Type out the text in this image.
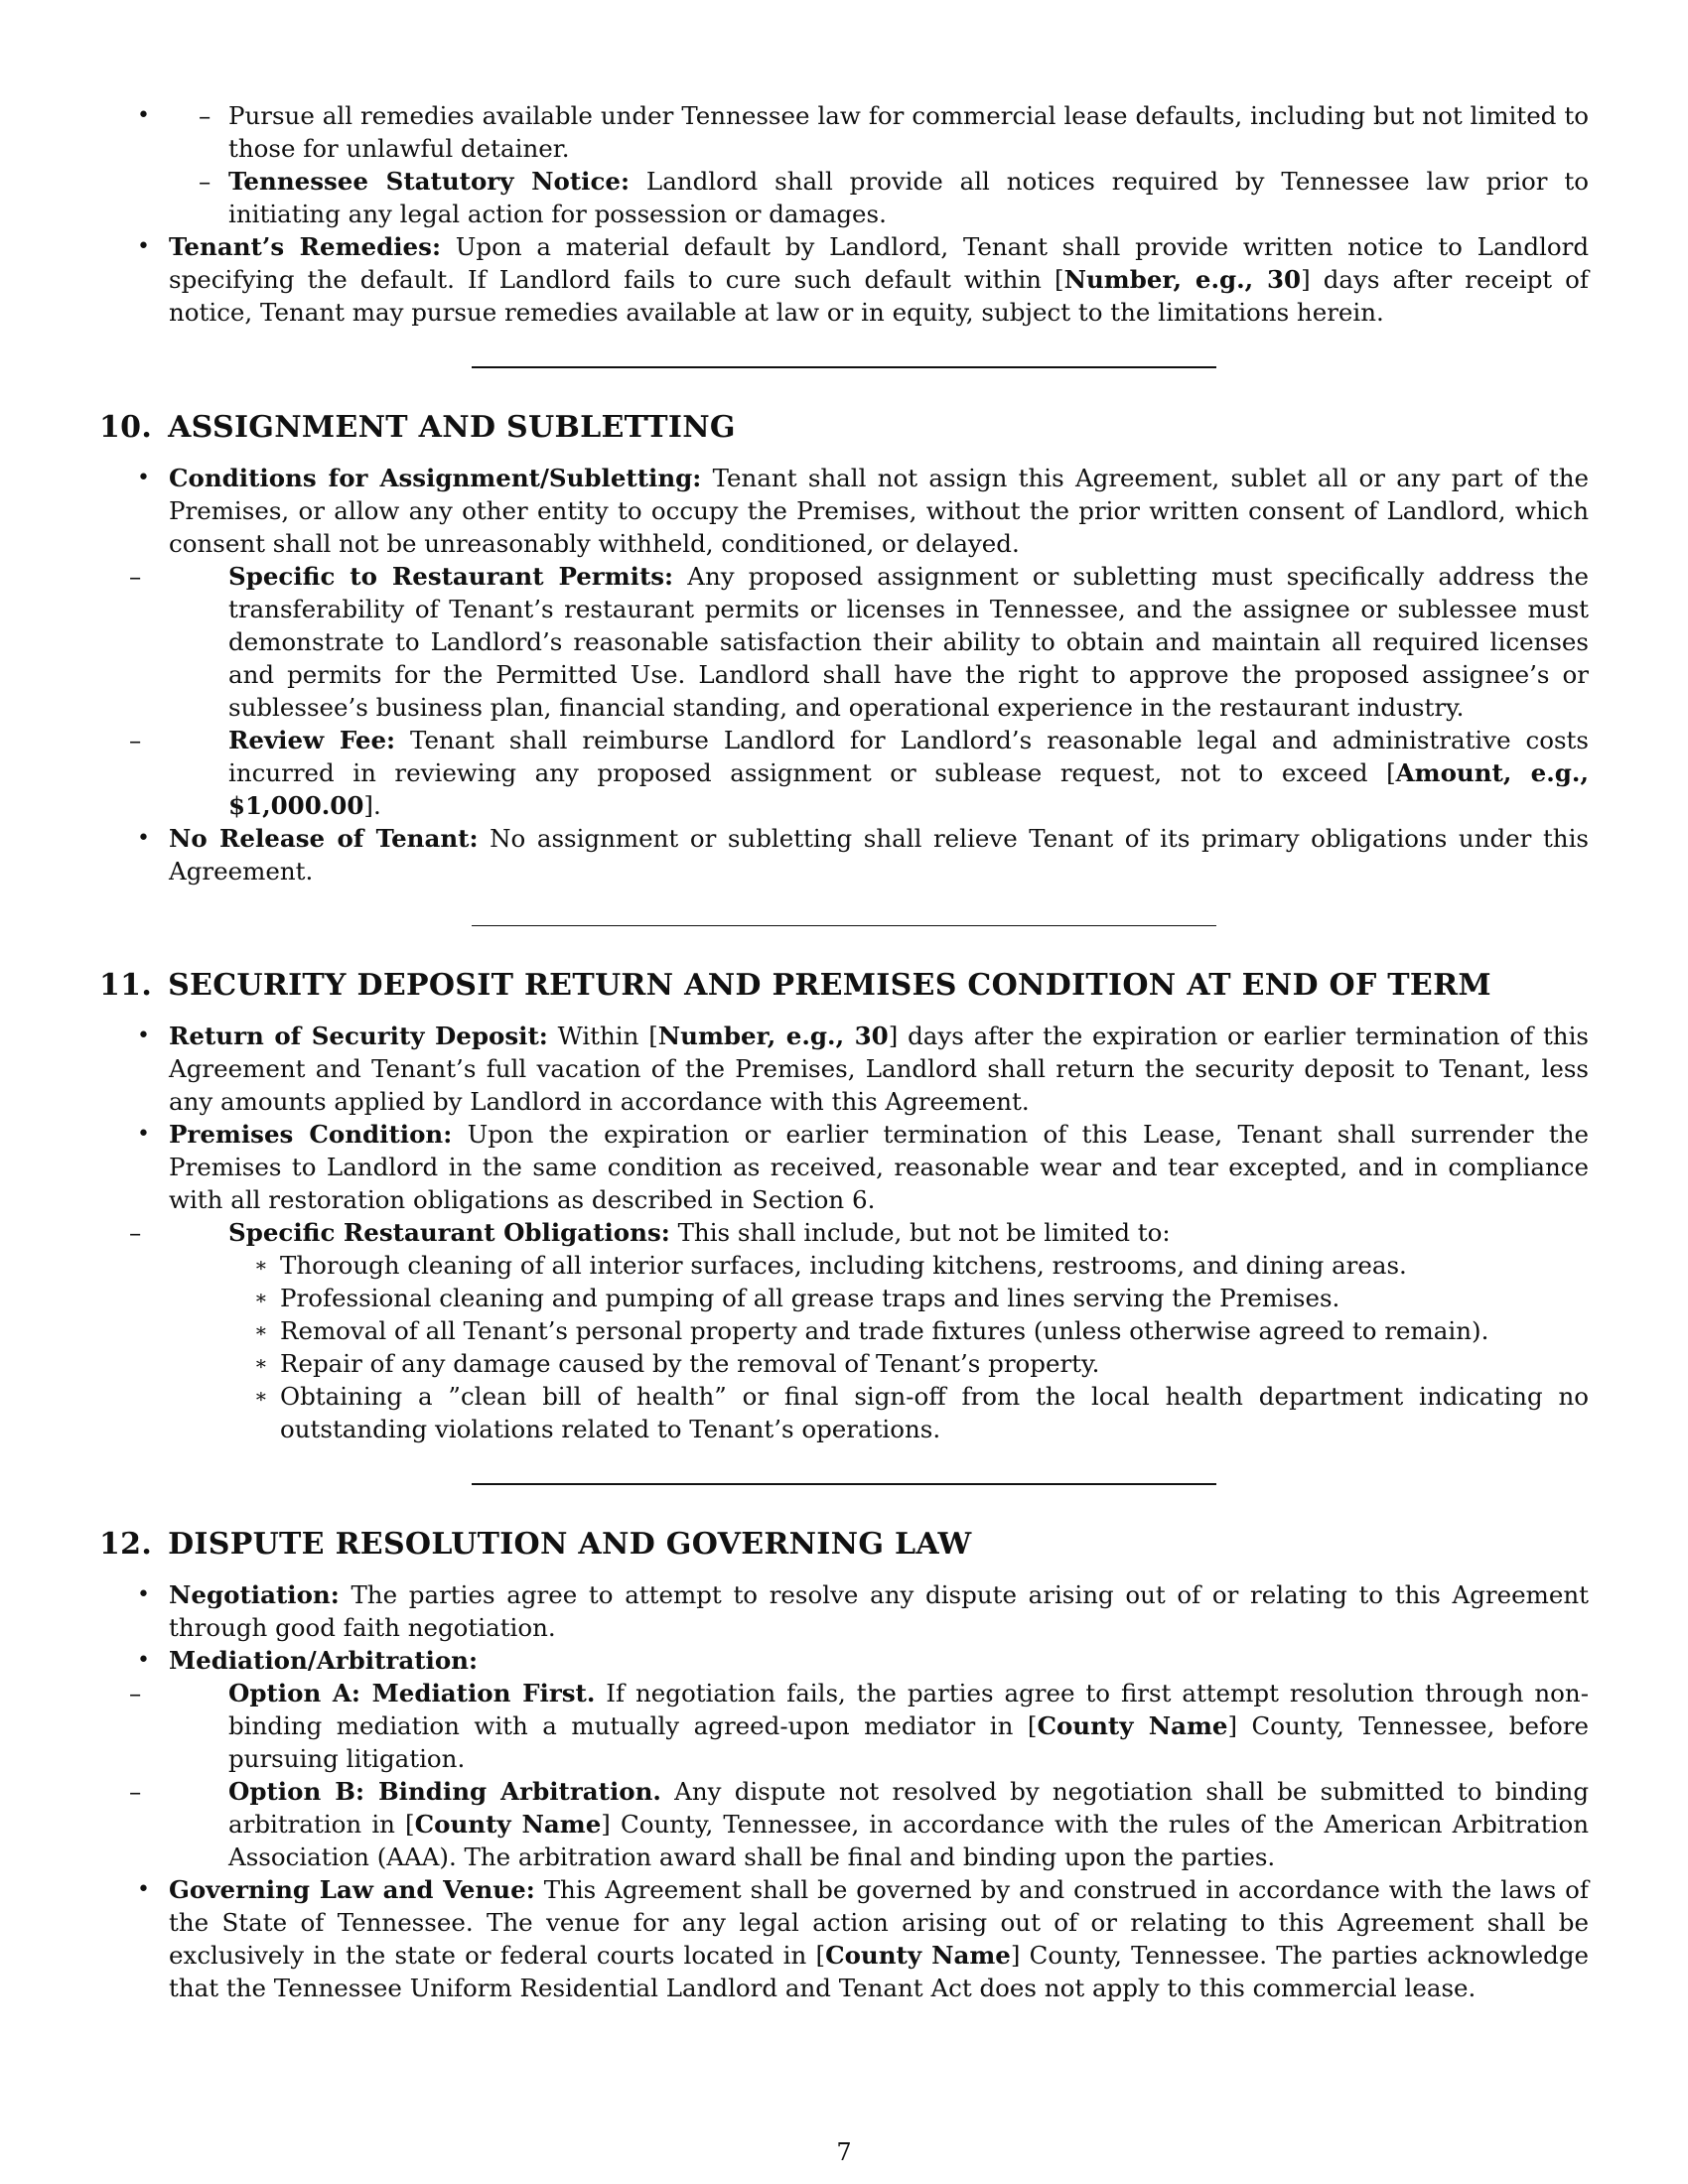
– • Pursue all remedies available under Tennessee law for commercial lease defaults, including but not limited to those for unlawful detainer.
– Tennessee Statutory Notice: Landlord shall provide all notices required by Tennessee law prior to initiating any legal action for possession or damages.
• Tenant’s Remedies: Upon a material default by Landlord, Tenant shall provide written notice to Landlord specifying the default. If Landlord fails to cure such default within [Number, e.g., 30] days after receipt of notice, Tenant may pursue remedies available at law or in equity, subject to the limitations herein.
10. ASSIGNMENT AND SUBLETTING
• Conditions for Assignment/Subletting: Tenant shall not assign this Agreement, sublet all or any part of the Premises, or allow any other entity to occupy the Premises, without the prior written consent of Landlord, which consent shall not be unreasonably withheld, conditioned, or delayed.
– Specific to Restaurant Permits: Any proposed assignment or subletting must specifically address the transferability of Tenant’s restaurant permits or licenses in Tennessee, and the assignee or sublessee must demonstrate to Landlord’s reasonable satisfaction their ability to obtain and maintain all required licenses and permits for the Permitted Use. Landlord shall have the right to approve the proposed assignee’s or sublessee’s business plan, financial standing, and operational experience in the restaurant industry.
– Review Fee: Tenant shall reimburse Landlord for Landlord’s reasonable legal and administrative costs incurred in reviewing any proposed assignment or sublease request, not to exceed [Amount, e.g., $1,000.00].
• No Release of Tenant: No assignment or subletting shall relieve Tenant of its primary obligations under this Agreement.
11. SECURITY DEPOSIT RETURN AND PREMISES CONDITION AT END OF TERM
• Return of Security Deposit: Within [Number, e.g., 30] days after the expiration or earlier termination of this Agreement and Tenant’s full vacation of the Premises, Landlord shall return the security deposit to Tenant, less any amounts applied by Landlord in accordance with this Agreement.
• Premises Condition: Upon the expiration or earlier termination of this Lease, Tenant shall surrender the Premises to Landlord in the same condition as received, reasonable wear and tear excepted, and in compliance with all restoration obligations as described in Section 6.
– Specific Restaurant Obligations: This shall include, but not be limited to:
∗ Thorough cleaning of all interior surfaces, including kitchens, restrooms, and dining areas.
∗ Professional cleaning and pumping of all grease traps and lines serving the Premises.
∗ Removal of all Tenant’s personal property and trade fixtures (unless otherwise agreed to remain).
∗ Repair of any damage caused by the removal of Tenant’s property.
∗ Obtaining a ”clean bill of health” or final sign-off from the local health department indicating no outstanding violations related to Tenant’s operations.
12. DISPUTE RESOLUTION AND GOVERNING LAW
• Negotiation: The parties agree to attempt to resolve any dispute arising out of or relating to this Agreement through good faith negotiation.
• Mediation/Arbitration:
– Option A: Mediation First. If negotiation fails, the parties agree to first attempt resolution through non-binding mediation with a mutually agreed-upon mediator in [County Name] County, Tennessee, before pursuing litigation.
– Option B: Binding Arbitration. Any dispute not resolved by negotiation shall be submitted to binding arbitration in [County Name] County, Tennessee, in accordance with the rules of the American Arbitration Association (AAA). The arbitration award shall be final and binding upon the parties.
• Governing Law and Venue: This Agreement shall be governed by and construed in accordance with the laws of the State of Tennessee. The venue for any legal action arising out of or relating to this Agreement shall be exclusively in the state or federal courts located in [County Name] County, Tennessee. The parties acknowledge that the Tennessee Uniform Residential Landlord and Tenant Act does not apply to this commercial lease.
7
